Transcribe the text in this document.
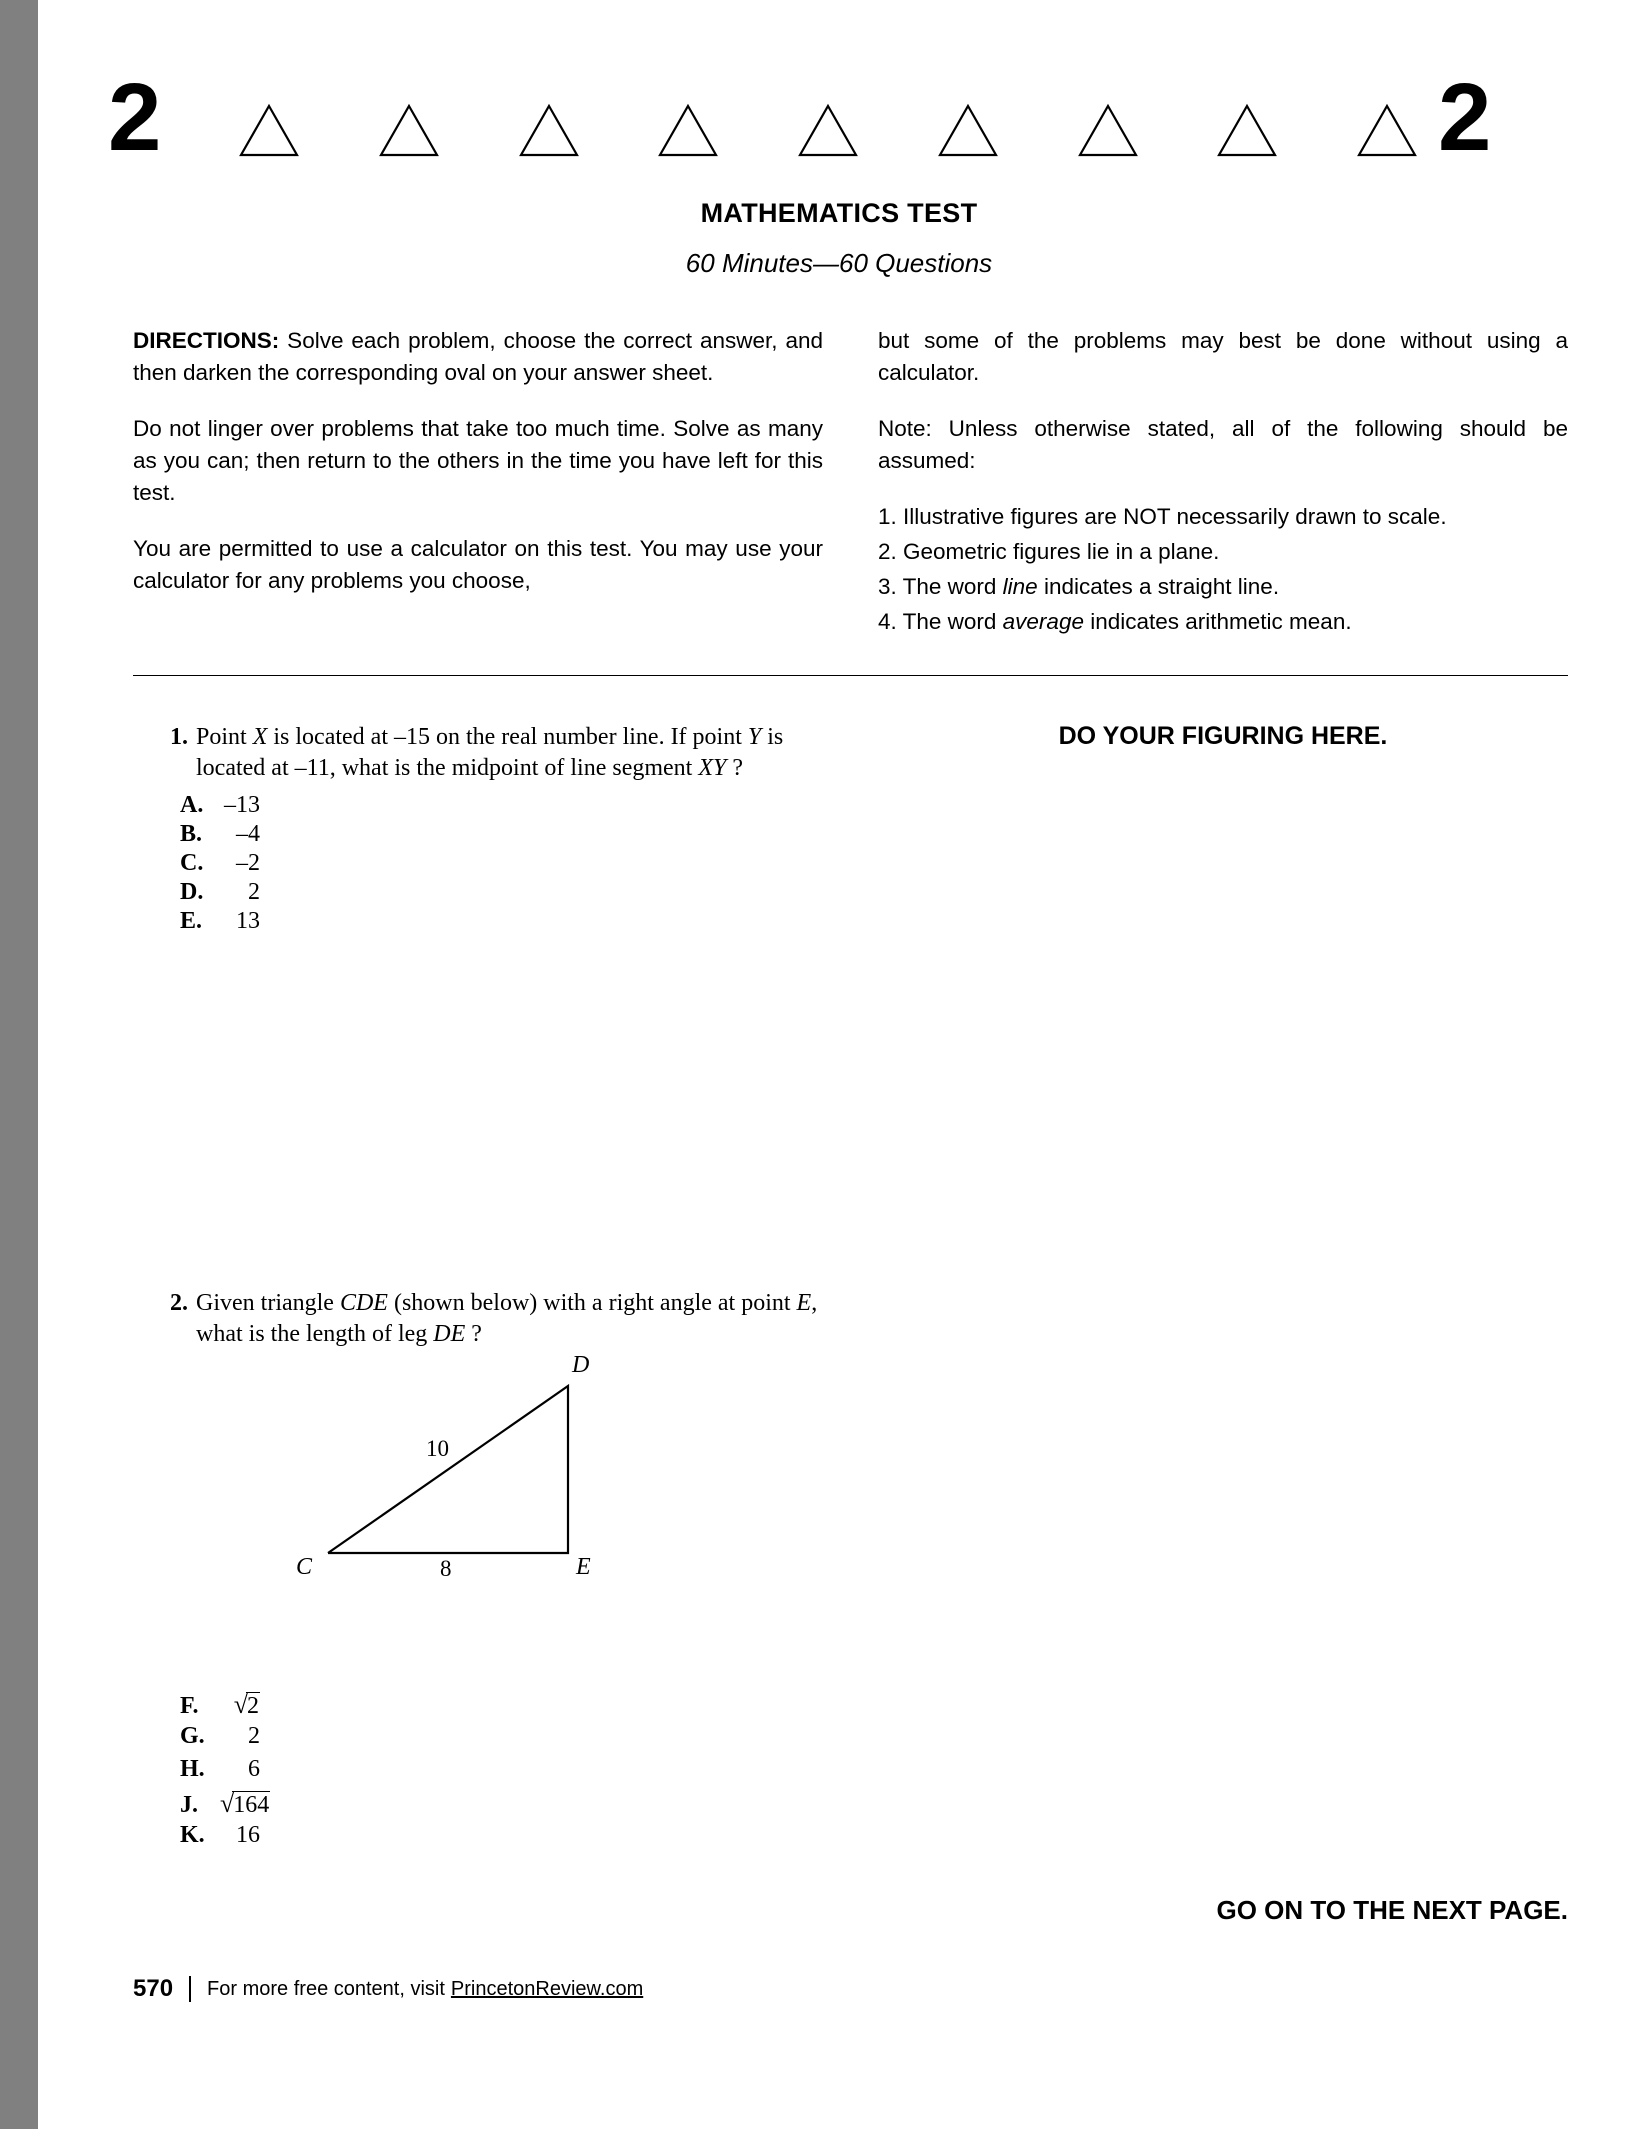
2	2
MATHEMATICS TEST
60 Minutes—60 Questions

DIRECTIONS: Solve each problem, choose the correct answer, and then darken the corresponding oval on your answer sheet.

Do not linger over problems that take too much time. Solve as many as you can; then return to the others in the time you have left for this test.

You are permitted to use a calculator on this test. You may use your calculator for any problems you choose,

but some of the problems may best be done without using a calculator.

Note: Unless otherwise stated, all of the following should be assumed:

1. Illustrative figures are NOT necessarily drawn to scale.
2. Geometric figures lie in a plane.
3. The word line indicates a straight line.
4. The word average indicates arithmetic mean.
1. Point X is located at –15 on the real number line. If point Y is located at –11, what is the midpoint of line segment XY ?
A. –13
B.	–4
C.	–2
D.	2
E.	13
2. Given triangle CDE (shown below) with a right angle at point E, what is the length of leg DE ?
D
C	E
10
8
F.	√2
G.	2
H.	6
J. √164
K.	16
DO YOUR FIGURING HERE.
GO ON TO THE NEXT PAGE.
570 For more free content, visit PrincetonReview.com
